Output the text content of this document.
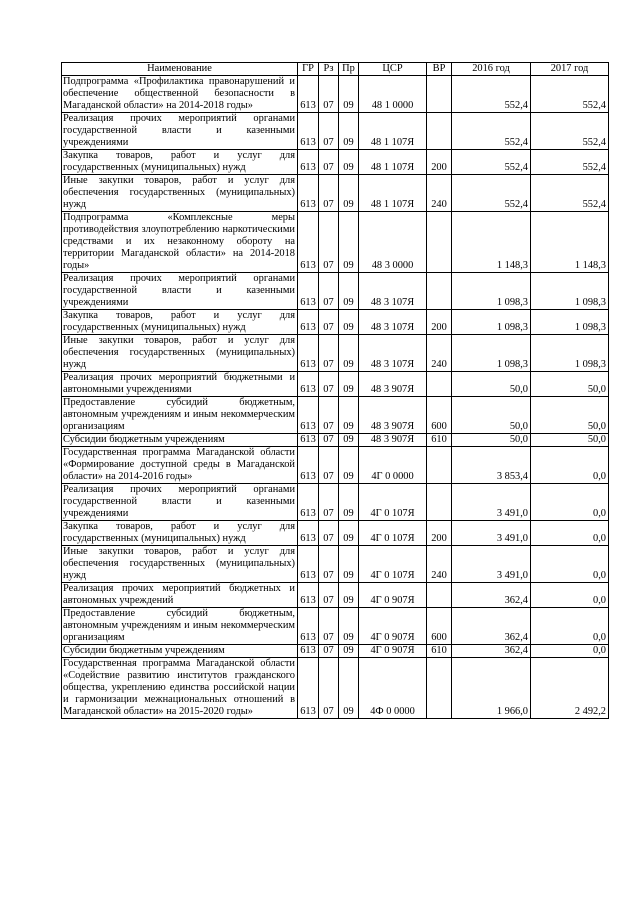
Наименование	ГР	Рз	Пр	ЦСР	ВР	2016 год	2017 год
Подпрограмма «Профилактика правонарушений и обеспечение общественной безопасности в Магаданской области» на 2014-2018 годы»	613	07	09	48 1 0000		552,4	552,4
Реализация прочих мероприятий органами государственной власти и казенными учреждениями	613	07	09	48 1 107Я		552,4	552,4
Закупка товаров, работ и услуг для государственных (муниципальных) нужд	613	07	09	48 1 107Я	200	552,4	552,4
Иные закупки товаров, работ и услуг для обеспечения государственных (муниципальных) нужд	613	07	09	48 1 107Я	240	552,4	552,4
Подпрограмма «Комплексные меры противодействия злоупотреблению наркотическими средствами и их незаконному обороту на территории Магаданской области» на 2014-2018 годы»	613	07	09	48 3 0000		1 148,3	1 148,3
Реализация прочих мероприятий органами государственной власти и казенными учреждениями	613	07	09	48 3 107Я		1 098,3	1 098,3
Закупка товаров, работ и услуг для государственных (муниципальных) нужд	613	07	09	48 3 107Я	200	1 098,3	1 098,3
Иные закупки товаров, работ и услуг для обеспечения государственных (муниципальных) нужд	613	07	09	48 3 107Я	240	1 098,3	1 098,3
Реализация прочих мероприятий бюджетными и автономными учреждениями	613	07	09	48 3 907Я		50,0	50,0
Предоставление субсидий бюджетным, автономным учреждениям и иным некоммерческим организациям	613	07	09	48 3 907Я	600	50,0	50,0
Субсидии бюджетным учреждениям	613	07	09	48 3 907Я	610	50,0	50,0
Государственная программа Магаданской области «Формирование доступной среды в Магаданской области» на 2014-2016 годы»	613	07	09	4Г 0 0000		3 853,4	0,0
Реализация прочих мероприятий органами государственной власти и казенными учреждениями	613	07	09	4Г 0 107Я		3 491,0	0,0
Закупка товаров, работ и услуг для государственных (муниципальных) нужд	613	07	09	4Г 0 107Я	200	3 491,0	0,0
Иные закупки товаров, работ и услуг для обеспечения государственных (муниципальных) нужд	613	07	09	4Г 0 107Я	240	3 491,0	0,0
Реализация прочих мероприятий бюджетных и автономных учреждений	613	07	09	4Г 0 907Я		362,4	0,0
Предоставление субсидий бюджетным, автономным учреждениям и иным некоммерческим организациям	613	07	09	4Г 0 907Я	600	362,4	0,0
Субсидии бюджетным учреждениям	613	07	09	4Г 0 907Я	610	362,4	0,0
Государственная программа Магаданской области «Содействие развитию институтов гражданского общества, укреплению единства российской нации и гармонизации межнациональных отношений в Магаданской области» на 2015-2020 годы»	613	07	09	4Ф 0 0000		1 966,0	2 492,2
